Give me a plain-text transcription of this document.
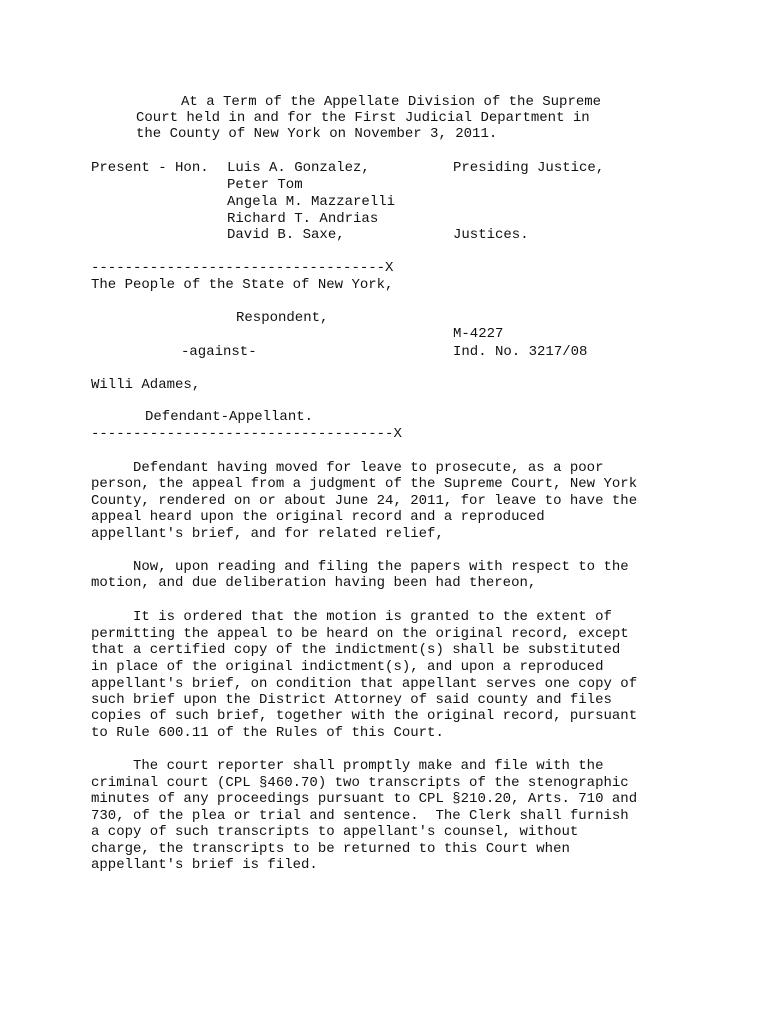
At a Term of the Appellate Division of the Supreme
Court held in and for the First Judicial Department in
the County of New York on November 3, 2011.
Present - Hon. Luis A. Gonzalez,	Presiding Justice,
Peter Tom
Angela M. Mazzarelli
Richard T. Andrias
David B. Saxe,	Justices.
-----------------------------------X
The People of the State of New York,
Respondent,
M-4227
-against-	Ind. No. 3217/08
Willi Adames,
Defendant-Appellant.
------------------------------------X
Defendant having moved for leave to prosecute, as a poor
person, the appeal from a judgment of the Supreme Court, New York
County, rendered on or about June 24, 2011, for leave to have the
appeal heard upon the original record and a reproduced
appellant's brief, and for related relief,
Now, upon reading and filing the papers with respect to the
motion, and due deliberation having been had thereon,
It is ordered that the motion is granted to the extent of
permitting the appeal to be heard on the original record, except
that a certified copy of the indictment(s) shall be substituted
in place of the original indictment(s), and upon a reproduced
appellant's brief, on condition that appellant serves one copy of
such brief upon the District Attorney of said county and files
copies of such brief, together with the original record, pursuant
to Rule 600.11 of the Rules of this Court.
The court reporter shall promptly make and file with the
criminal court (CPL §460.70) two transcripts of the stenographic
minutes of any proceedings pursuant to CPL §210.20, Arts. 710 and
730, of the plea or trial and sentence.  The Clerk shall furnish
a copy of such transcripts to appellant's counsel, without
charge, the transcripts to be returned to this Court when
appellant's brief is filed.
